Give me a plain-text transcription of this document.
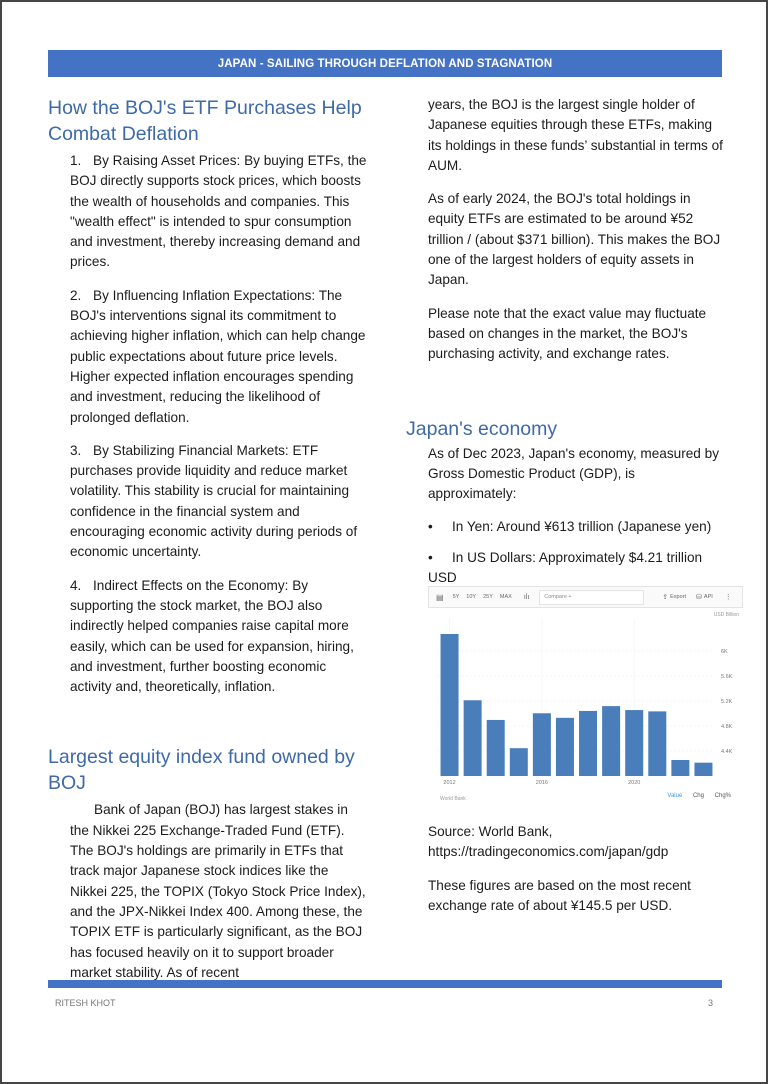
JAPAN - SAILING THROUGH DEFLATION AND STAGNATION
How the BOJ's ETF Purchases Help Combat Deflation
1. By Raising Asset Prices: By buying ETFs, the BOJ directly supports stock prices, which boosts the wealth of households and companies. This "wealth effect" is intended to spur consumption and investment, thereby increasing demand and prices.
2. By Influencing Inflation Expectations: The BOJ's interventions signal its commitment to achieving higher inflation, which can help change public expectations about future price levels. Higher expected inflation encourages spending and investment, reducing the likelihood of prolonged deflation.
3. By Stabilizing Financial Markets: ETF purchases provide liquidity and reduce market volatility. This stability is crucial for maintaining confidence in the financial system and encouraging economic activity during periods of economic uncertainty.
4. Indirect Effects on the Economy: By supporting the stock market, the BOJ also indirectly helped companies raise capital more easily, which can be used for expansion, hiring, and investment, further boosting economic activity and, theoretically, inflation.
Largest equity index fund owned by BOJ

Bank of Japan (BOJ) has largest stakes in the Nikkei 225 Exchange-Traded Fund (ETF). The BOJ's holdings are primarily in ETFs that track major Japanese stock indices like the Nikkei 225, the TOPIX (Tokyo Stock Price Index), and the JPX-Nikkei Index 400. Among these, the TOPIX ETF is particularly significant, as the BOJ has focused heavily on it to support broader market stability. As of recent

years, the BOJ is the largest single holder of Japanese equities through these ETFs, making its holdings in these funds’ substantial in terms of AUM.

As of early 2024, the BOJ's total holdings in equity ETFs are estimated to be around ¥52 trillion / (about $371 billion). This makes the BOJ one of the largest holders of equity assets in Japan.

Please note that the exact value may fluctuate based on changes in the market, the BOJ's purchasing activity, and exchange rates.

Japan's economy

As of Dec 2023, Japan's economy, measured by Gross Domestic Product (GDP), is approximately:

• In Yen: Around ¥613 trillion (Japanese yen)
• In US Dollars: Approximately $4.21 trillion USD
▤ 5Y 10Y 25Y MAX ılı	Compare +	⇪ Export ⛁ API ⋮
USD Billion
4.4K
4.8K
5.2K
5.6K
6K
2012	2016	2020
World Bank	Value Chg Chg%

Source: World Bank, https://tradingeconomics.com/japan/gdp

These figures are based on the most recent exchange rate of about ¥145.5 per USD.

RITESH KHOT	3
